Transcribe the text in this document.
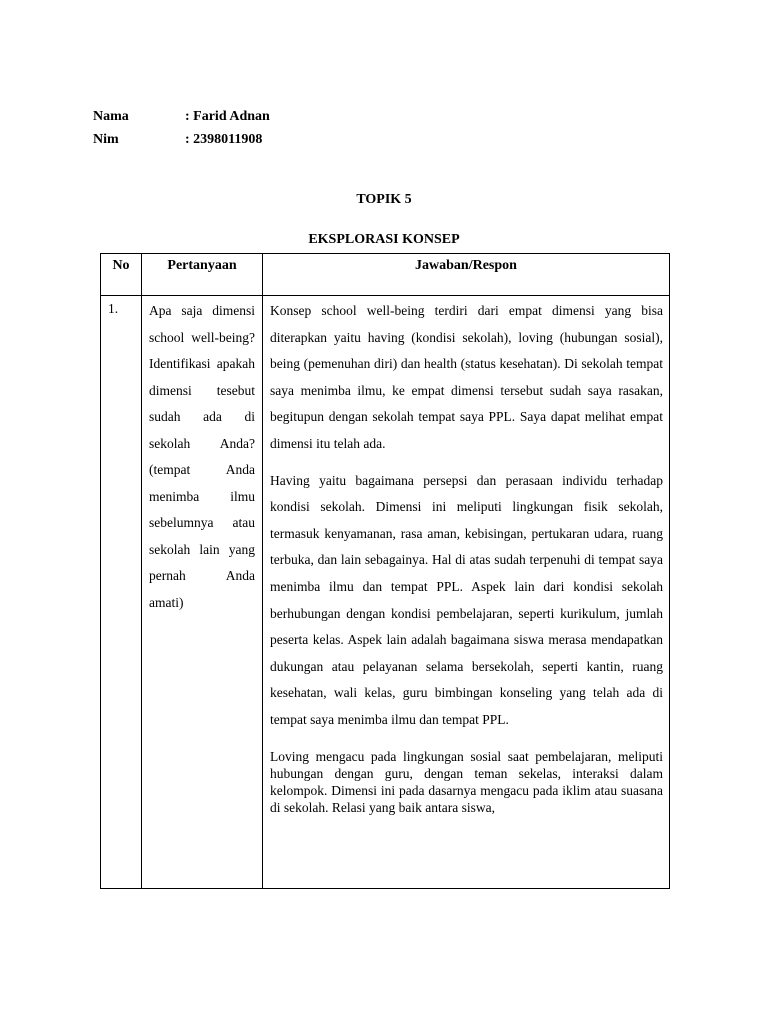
Nama	: Farid Adnan
Nim	: 2398011908
TOPIK 5
EKSPLORASI KONSEP
No	Pertanyaan	Jawaban/Respon

1.	Apa saja dimensi school well-being? Identifikasi apakah dimensi tesebut sudah ada di sekolah Anda? (tempat Anda menimba ilmu sebelumnya atau sekolah lain yang pernah Anda amati)	Konsep school well-being terdiri dari empat dimensi yang bisa diterapkan yaitu having (kondisi sekolah), loving (hubungan sosial), being (pemenuhan diri) dan health (status kesehatan). Di sekolah tempat saya menimba ilmu, ke empat dimensi tersebut sudah saya rasakan, begitupun dengan sekolah tempat saya PPL. Saya dapat melihat empat dimensi itu telah ada.

Having yaitu bagaimana persepsi dan perasaan individu terhadap kondisi sekolah. Dimensi ini meliputi lingkungan fisik sekolah, termasuk kenyamanan, rasa aman, kebisingan, pertukaran udara, ruang terbuka, dan lain sebagainya. Hal di atas sudah terpenuhi di tempat saya menimba ilmu dan tempat PPL. Aspek lain dari kondisi sekolah berhubungan dengan kondisi pembelajaran, seperti kurikulum, jumlah peserta kelas. Aspek lain adalah bagaimana siswa merasa mendapatkan dukungan atau pelayanan selama bersekolah, seperti kantin, ruang kesehatan, wali kelas, guru bimbingan konseling yang telah ada di tempat saya menimba ilmu dan tempat PPL.

Loving mengacu pada lingkungan sosial saat pembelajaran, meliputi hubungan dengan guru, dengan teman sekelas, interaksi dalam kelompok. Dimensi ini pada dasarnya mengacu pada iklim atau suasana di sekolah. Relasi yang baik antara siswa,
